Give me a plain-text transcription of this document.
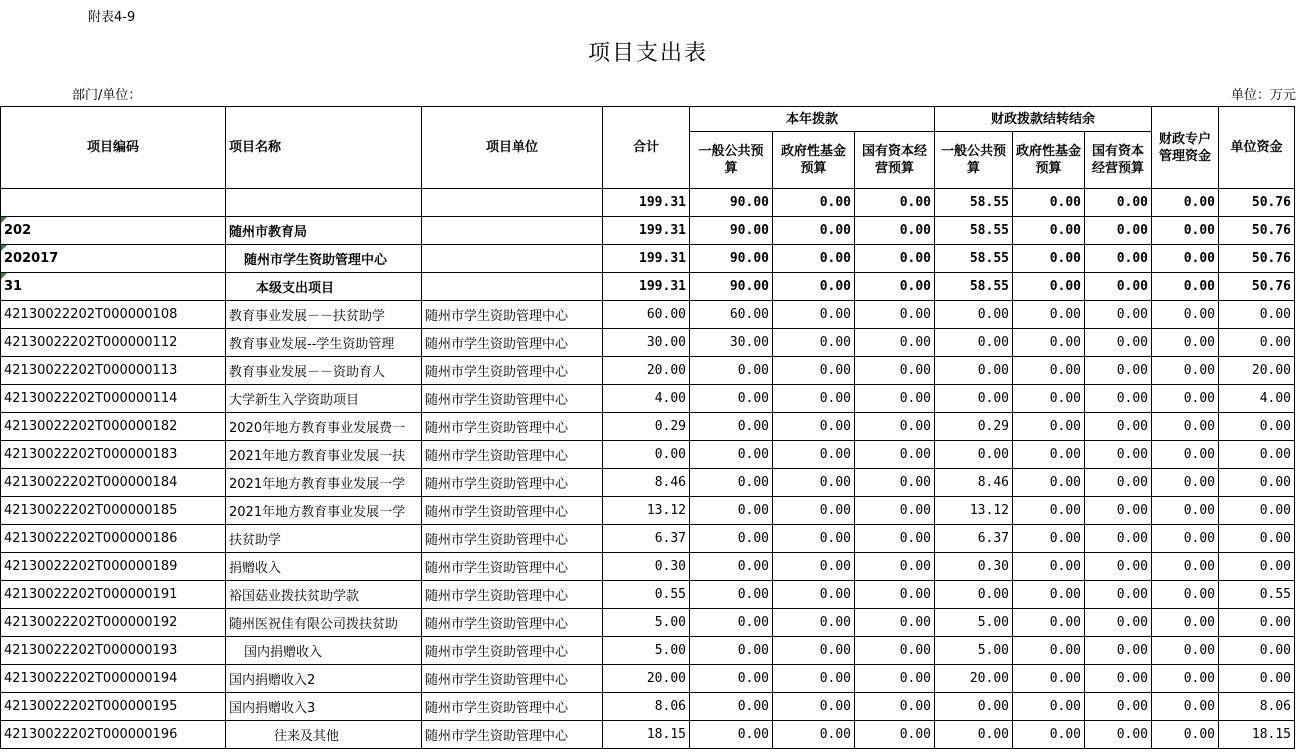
附表4-9
项目支出表
部门/单位：	单位：万元
项目编码	项目名称	项目单位	合计	本年拨款			财政拨款结转结余			财政专户管理资金	单位资金
				一般公共预算	政府性基金预算	国有资本经营预算	一般公共预算	政府性基金预算	国有资本经营预算		
			199.31	90.00	0.00	0.00	58.55	0.00	0.00	0.00	50.76

202	随州市教育局		199.31	90.00	0.00	0.00	58.55	0.00	0.00	0.00	50.76

202017	随州市学生资助管理中心		199.31	90.00	0.00	0.00	58.55	0.00	0.00	0.00	50.76

31	本级支出项目		199.31	90.00	0.00	0.00	58.55	0.00	0.00	0.00	50.76
42130022202T000000108	教育事业发展－－扶贫助学	随州市学生资助管理中心	60.00	60.00	0.00	0.00	0.00	0.00	0.00	0.00	0.00
42130022202T000000112	教育事业发展--学生资助管理	随州市学生资助管理中心	30.00	30.00	0.00	0.00	0.00	0.00	0.00	0.00	0.00
42130022202T000000113	教育事业发展－－资助育人	随州市学生资助管理中心	20.00	0.00	0.00	0.00	0.00	0.00	0.00	0.00	20.00
42130022202T000000114	大学新生入学资助项目	随州市学生资助管理中心	4.00	0.00	0.00	0.00	0.00	0.00	0.00	0.00	4.00
42130022202T000000182	2020年地方教育事业发展费一	随州市学生资助管理中心	0.29	0.00	0.00	0.00	0.29	0.00	0.00	0.00	0.00
42130022202T000000183	2021年地方教育事业发展一扶	随州市学生资助管理中心	0.00	0.00	0.00	0.00	0.00	0.00	0.00	0.00	0.00
42130022202T000000184	2021年地方教育事业发展一学	随州市学生资助管理中心	8.46	0.00	0.00	0.00	8.46	0.00	0.00	0.00	0.00
42130022202T000000185	2021年地方教育事业发展一学	随州市学生资助管理中心	13.12	0.00	0.00	0.00	13.12	0.00	0.00	0.00	0.00
42130022202T000000186	扶贫助学	随州市学生资助管理中心	6.37	0.00	0.00	0.00	6.37	0.00	0.00	0.00	0.00
42130022202T000000189	捐赠收入	随州市学生资助管理中心	0.30	0.00	0.00	0.00	0.30	0.00	0.00	0.00	0.00
42130022202T000000191	裕国菇业拨扶贫助学款	随州市学生资助管理中心	0.55	0.00	0.00	0.00	0.00	0.00	0.00	0.00	0.55
42130022202T000000192	随州医祝佳有限公司拨扶贫助	随州市学生资助管理中心	5.00	0.00	0.00	0.00	5.00	0.00	0.00	0.00	0.00
42130022202T000000193	国内捐赠收入	随州市学生资助管理中心	5.00	0.00	0.00	0.00	5.00	0.00	0.00	0.00	0.00
42130022202T000000194	国内捐赠收入2	随州市学生资助管理中心	20.00	0.00	0.00	0.00	20.00	0.00	0.00	0.00	0.00
42130022202T000000195	国内捐赠收入3	随州市学生资助管理中心	8.06	0.00	0.00	0.00	0.00	0.00	0.00	0.00	8.06
42130022202T000000196	往来及其他	随州市学生资助管理中心	18.15	0.00	0.00	0.00	0.00	0.00	0.00	0.00	18.15
